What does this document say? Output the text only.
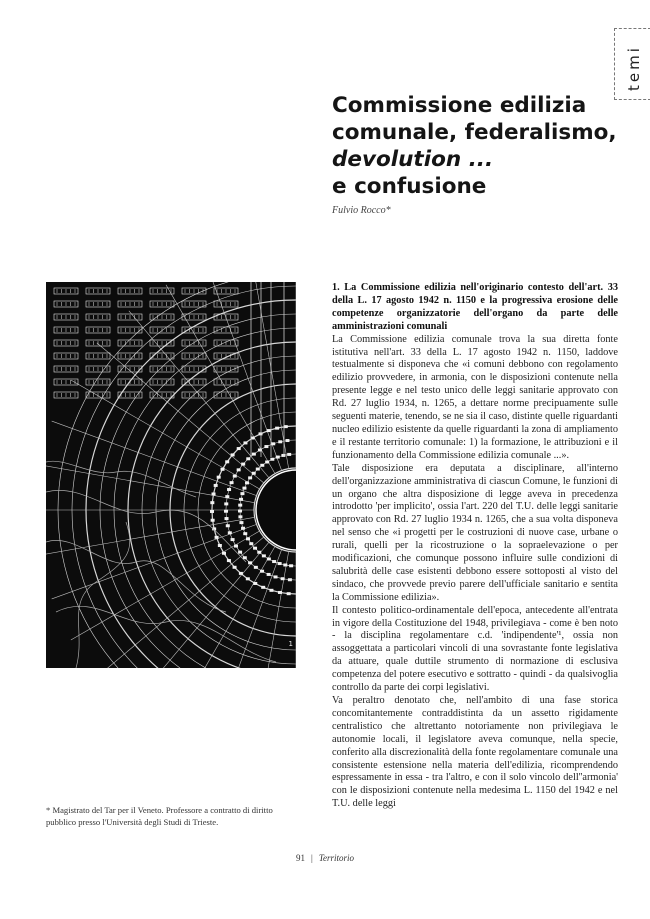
temi
Commissione edilizia
comunale, federalismo,
devolution ...
e confusione
Fulvio Rocco*
1

* Magistrato del Tar per il Veneto. Professore a contratto di diritto pubblico presso l'Università degli Studi di Trieste.

1. La Commissione edilizia nell'originario contesto dell'art. 33 della L. 17 agosto 1942 n. 1150 e la progressiva erosione delle competenze organizzatorie dell'organo da parte delle amministrazioni comunali

La Commissione edilizia comunale trova la sua diretta fonte istitutiva nell'art. 33 della L. 17 agosto 1942 n. 1150, laddove testualmente si disponeva che «i comuni debbono con regolamento edilizio provvedere, in armonia, con le disposizioni contenute nella presente legge e nel testo unico delle leggi sanitarie approvato con Rd. 27 luglio 1934, n. 1265, a dettare norme precipuamente sulle seguenti materie, tenendo, se ne sia il caso, distinte quelle riguardanti nucleo edilizio esistente da quelle riguardanti la zona di ampliamento e il restante territorio comunale: 1) la formazione, le attribuzioni e il funzionamento della Commissione edilizia comunale ...».

Tale disposizione era deputata a disciplinare, all'interno dell'organizzazione amministrativa di ciascun Comune, le funzioni di un organo che altra disposizione di legge aveva in precedenza introdotto 'per implicito', ossia l'art. 220 del T.U. delle leggi sanitarie approvato con Rd. 27 luglio 1934 n. 1265, che a sua volta disponeva nel senso che «i progetti per le costruzioni di nuove case, urbane o rurali, quelli per la ricostruzione o la sopraelevazione o per modificazioni, che comunque possono influire sulle condizioni di salubrità delle case esistenti debbono essere sottoposti al visto del sindaco, che provvede previo parere dell'ufficiale sanitario e sentita la Commissione edilizia».

Il contesto politico-ordinamentale dell'epoca, antecedente all'entrata in vigore della Costituzione del 1948, privilegiava - come è ben noto - la disciplina regolamentare c.d. 'indipendente'¹, ossia non assoggettata a particolari vincoli di una sovrastante fonte legislativa da attuare, quale duttile strumento di normazione di esclusiva competenza del potere esecutivo e sottratto - quindi - da qualsivoglia controllo da parte dei corpi legislativi.

Va peraltro denotato che, nell'ambito di una fase storica concomitantemente contraddistinta da un assetto rigidamente centralistico che altrettanto notoriamente non privilegiava le autonomie locali, il legislatore aveva comunque, nella specie, conferito alla discrezionalità della fonte regolamentare comunale una consistente estensione nella materia dell'edilizia, ricomprendendo espressamente in essa - tra l'altro, e con il solo vincolo dell''armonia' con le disposizioni contenute nella medesima L. 1150 del 1942 e nel T.U. delle leggi

91 | Territorio
